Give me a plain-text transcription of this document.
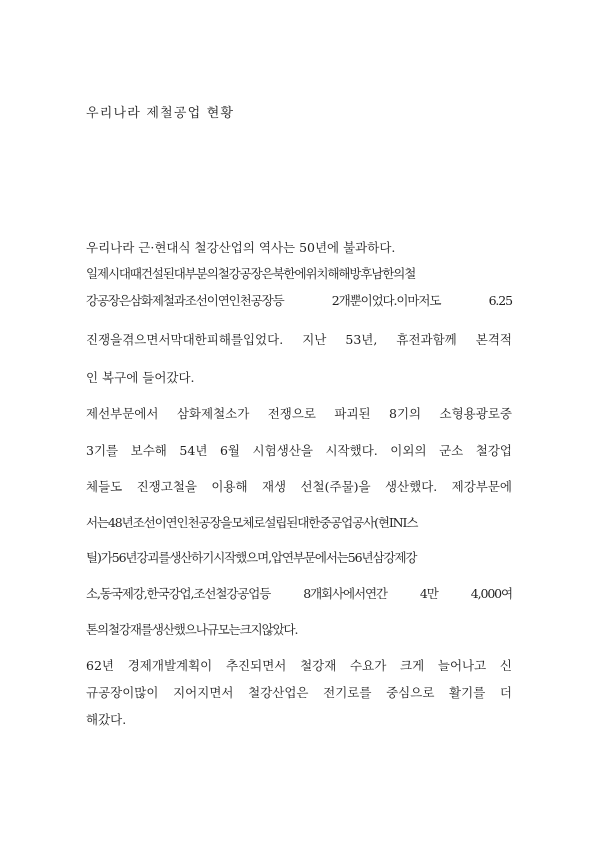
우리나라 제철공업 현황
우리나라 근·현대식 철강산업의 역사는 50년에 불과하다.
일제시대때건설된대부분의철강공장은북한에위치해해방후남한의철
강공장은삼화제철과조선이연인천공장등 2개뿐이었다.이마저도 6.25
진쟁을겪으면서막대한피해를입었다. 지난 53년, 휴전과함께 본격적
인 복구에 들어갔다.
제선부문에서 삼화제철소가 전쟁으로 파괴된 8기의 소형용광로중
3기를 보수해 54년 6월 시험생산을 시작했다. 이외의 군소 철강업
체들도 진쟁고철을 이용해 재생 선철(주물)을 생산했다. 제강부문에
서는48년조선이연인천공장을모체로설립된대한중공업공사(현INI스
틸)가56년강괴를생산하기시작했으며,압연부문에서는56년삼강제강
소,동국제강,한국강업,조선철강공업등 8개회사에서연간 4만 4,000여
톤의철강재를생산했으나규모는크지않았다.
62년 경제개발계획이 추진되면서 철강재 수요가 크게 늘어나고 신
규공장이많이 지어지면서 철강산업은 전기로를 중심으로 활기를 더
해갔다.
